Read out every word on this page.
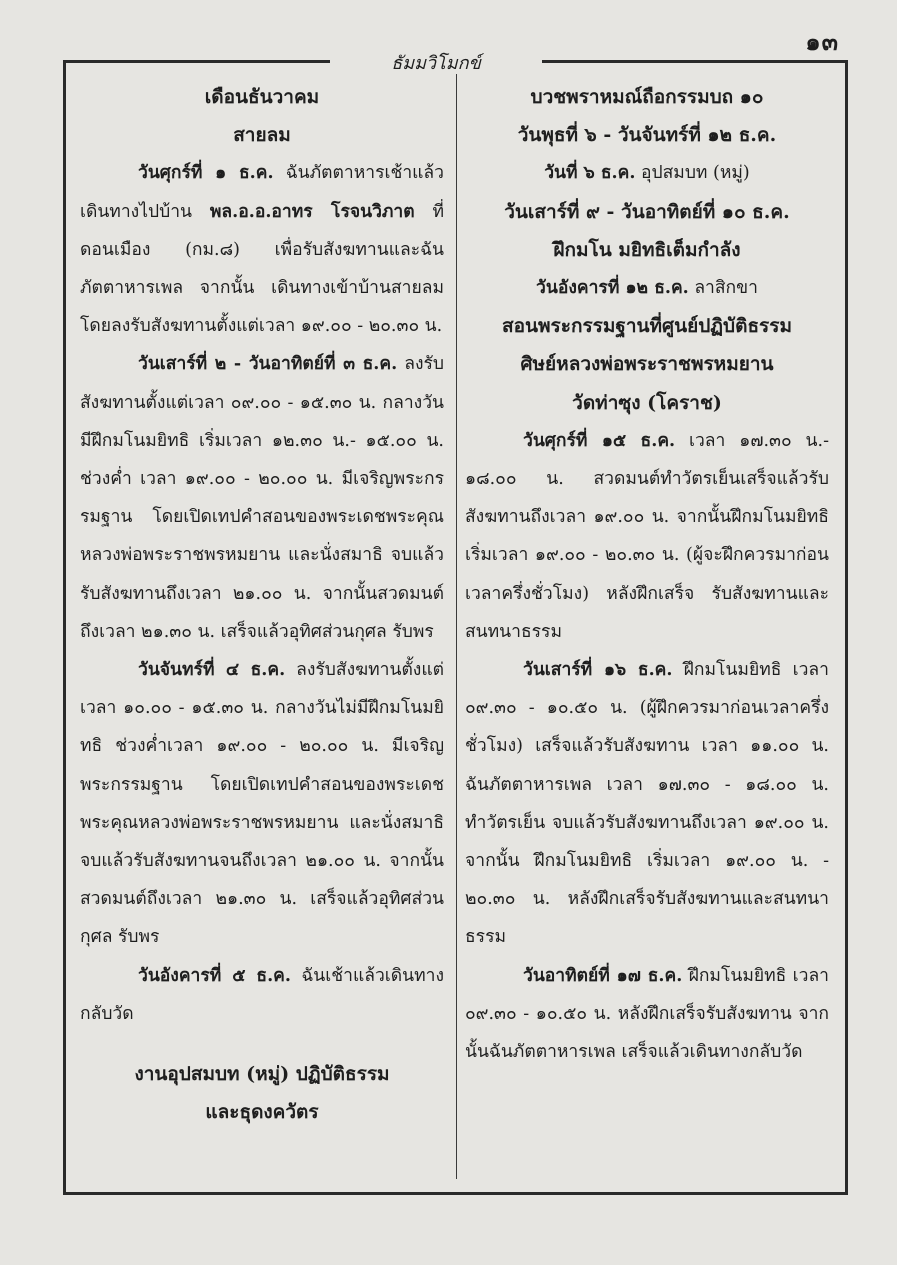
๑๓
ธัมมวิโมกข์

เดือนธันวาคม

สายลม

วันศุกร์ที่ ๑ ธ.ค. ฉันภัตตาหารเช้าแล้วเดินทางไปบ้าน พล.อ.อ.อาทร โรจนวิภาต ที่ดอนเมือง (กม.๘) เพื่อรับสังฆทานและฉันภัตตาหารเพล จากนั้น เดินทางเข้าบ้านสายลม โดยลงรับสังฆทานตั้งแต่เวลา ๑๙.๐๐ - ๒๐.๓๐ น.

วันเสาร์ที่ ๒ - วันอาทิตย์ที่ ๓ ธ.ค. ลงรับสังฆทานตั้งแต่เวลา ๐๙.๐๐ - ๑๕.๓๐ น. กลางวันมีฝึกมโนมยิทธิ เริ่มเวลา ๑๒.๓๐ น.- ๑๕.๐๐ น. ช่วงค่ำ เวลา ๑๙.๐๐ - ๒๐.๐๐ น. มีเจริญพระกรรมฐาน โดยเปิดเทปคำสอนของพระเดชพระคุณหลวงพ่อพระราชพรหมยาน และนั่งสมาธิ จบแล้วรับสังฆทานถึงเวลา ๒๑.๐๐ น. จากนั้นสวดมนต์ถึงเวลา ๒๑.๓๐ น. เสร็จแล้วอุทิศส่วนกุศล รับพร

วันจันทร์ที่ ๔ ธ.ค. ลงรับสังฆทานตั้งแต่เวลา ๑๐.๐๐ - ๑๕.๓๐ น. กลางวันไม่มีฝึกมโนมยิทธิ ช่วงค่ำเวลา ๑๙.๐๐ - ๒๐.๐๐ น. มีเจริญพระกรรมฐาน โดยเปิดเทปคำสอนของพระเดชพระคุณหลวงพ่อพระราชพรหมยาน และนั่งสมาธิ จบแล้วรับสังฆทานจนถึงเวลา ๒๑.๐๐ น. จากนั้นสวดมนต์ถึงเวลา ๒๑.๓๐ น. เสร็จแล้วอุทิศส่วนกุศล รับพร

วันอังคารที่ ๕ ธ.ค. ฉันเช้าแล้วเดินทางกลับวัด

งานอุปสมบท (หมู่) ปฏิบัติธรรม

และธุดงควัตร

บวชพราหมณ์ถือกรรมบถ ๑๐

วันพุธที่ ๖ - วันจันทร์ที่ ๑๒ ธ.ค.

วันที่ ๖ ธ.ค. อุปสมบท (หมู่)

วันเสาร์ที่ ๙ - วันอาทิตย์ที่ ๑๐ ธ.ค.

ฝึกมโน มยิทธิเต็มกำลัง

วันอังคารที่ ๑๒ ธ.ค. ลาสิกขา

สอนพระกรรมฐานที่ศูนย์ปฏิบัติธรรม

ศิษย์หลวงพ่อพระราชพรหมยาน

วัดท่าซุง (โคราช)

วันศุกร์ที่ ๑๕ ธ.ค. เวลา ๑๗.๓๐ น.- ๑๘.๐๐ น. สวดมนต์ทำวัตรเย็นเสร็จแล้วรับสังฆทานถึงเวลา ๑๙.๐๐ น. จากนั้นฝึกมโนมยิทธิ เริ่มเวลา ๑๙.๐๐ - ๒๐.๓๐ น. (ผู้จะฝึกควรมาก่อนเวลาครึ่งชั่วโมง) หลังฝึกเสร็จ รับสังฆทานและสนทนาธรรม

วันเสาร์ที่ ๑๖ ธ.ค. ฝึกมโนมยิทธิ เวลา ๐๙.๓๐ - ๑๐.๕๐ น. (ผู้ฝึกควรมาก่อนเวลาครึ่งชั่วโมง) เสร็จแล้วรับสังฆทาน เวลา ๑๑.๐๐ น. ฉันภัตตาหารเพล เวลา ๑๗.๓๐ - ๑๘.๐๐ น. ทำวัตรเย็น จบแล้วรับสังฆทานถึงเวลา ๑๙.๐๐ น. จากนั้น ฝึกมโนมยิทธิ เริ่มเวลา ๑๙.๐๐ น. - ๒๐.๓๐ น. หลังฝึกเสร็จรับสังฆทานและสนทนาธรรม

วันอาทิตย์ที่ ๑๗ ธ.ค. ฝึกมโนมยิทธิ เวลา ๐๙.๓๐ - ๑๐.๕๐ น. หลังฝึกเสร็จรับสังฆทาน จากนั้นฉันภัตตาหารเพล เสร็จแล้วเดินทางกลับวัด
